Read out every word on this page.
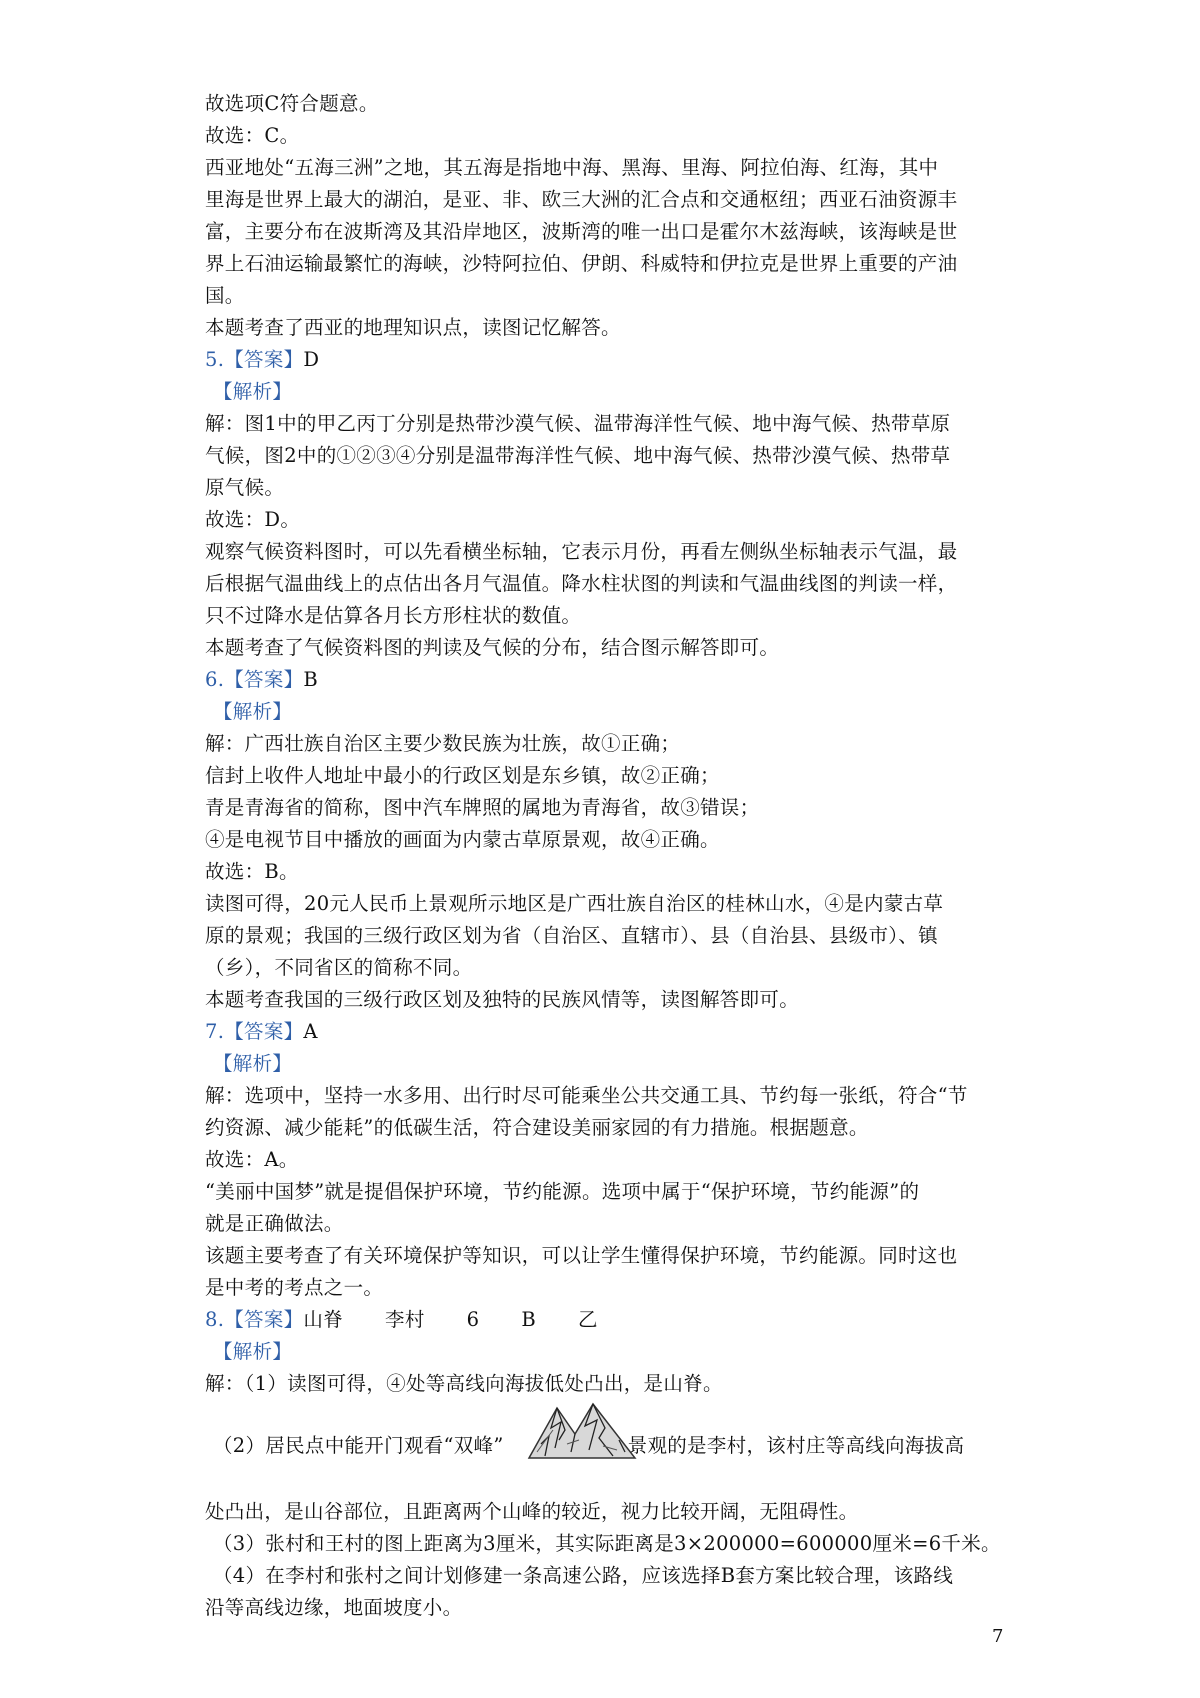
故选项C符合题意。
故选：C。
西亚地处“五海三洲”之地，其五海是指地中海、黑海、里海、阿拉伯海、红海，其中
里海是世界上最大的湖泊，是亚、非、欧三大洲的汇合点和交通枢纽；西亚石油资源丰
富，主要分布在波斯湾及其沿岸地区，波斯湾的唯一出口是霍尔木兹海峡，该海峡是世
界上石油运输最繁忙的海峡，沙特阿拉伯、伊朗、科威特和伊拉克是世界上重要的产油
国。
本题考查了西亚的地理知识点，读图记忆解答。
5.【答案】D
【解析】
解：图1中的甲乙丙丁分别是热带沙漠气候、温带海洋性气候、地中海气候、热带草原
气候，图2中的①②③④分别是温带海洋性气候、地中海气候、热带沙漠气候、热带草
原气候。
故选：D。
观察气候资料图时，可以先看横坐标轴，它表示月份，再看左侧纵坐标轴表示气温，最
后根据气温曲线上的点估出各月气温值。降水柱状图的判读和气温曲线图的判读一样，
只不过降水是估算各月长方形柱状的数值。
本题考查了气候资料图的判读及气候的分布，结合图示解答即可。
6.【答案】B
【解析】
解：广西壮族自治区主要少数民族为壮族，故①正确；
信封上收件人地址中最小的行政区划是东乡镇，故②正确；
青是青海省的简称，图中汽车牌照的属地为青海省，故③错误；
④是电视节目中播放的画面为内蒙古草原景观，故④正确。
故选：B。
读图可得，20元人民币上景观所示地区是广西壮族自治区的桂林山水，④是内蒙古草
原的景观；我国的三级行政区划为省（自治区、直辖市）、县（自治县、县级市）、镇
（乡），不同省区的简称不同。
本题考查我国的三级行政区划及独特的民族风情等，读图解答即可。
7.【答案】A
【解析】
解：选项中，坚持一水多用、出行时尽可能乘坐公共交通工具、节约每一张纸，符合“节
约资源、减少能耗”的低碳生活，符合建设美丽家园的有力措施。根据题意。
故选：A。
“美丽中国梦”就是提倡保护环境，节约能源。选项中属于“保护环境，节约能源”的
就是正确做法。
该题主要考查了有关环境保护等知识，可以让学生懂得保护环境，节约能源。同时这也
是中考的考点之一。
8.【答案】山脊 李村 6 B 乙
【解析】
解：（1）读图可得，④处等高线向海拔低处凸出，是山脊。
（2）居民点中能开门观看“双峰”	景观的是李村，该村庄等高线向海拔高
处凸出，是山谷部位，且距离两个山峰的较近，视力比较开阔，无阻碍性。
（3）张村和王村的图上距离为3厘米，其实际距离是3×200000=600000厘米=6千米。
（4）在李村和张村之间计划修建一条高速公路，应该选择B套方案比较合理，该路线
沿等高线边缘，地面坡度小。
7
